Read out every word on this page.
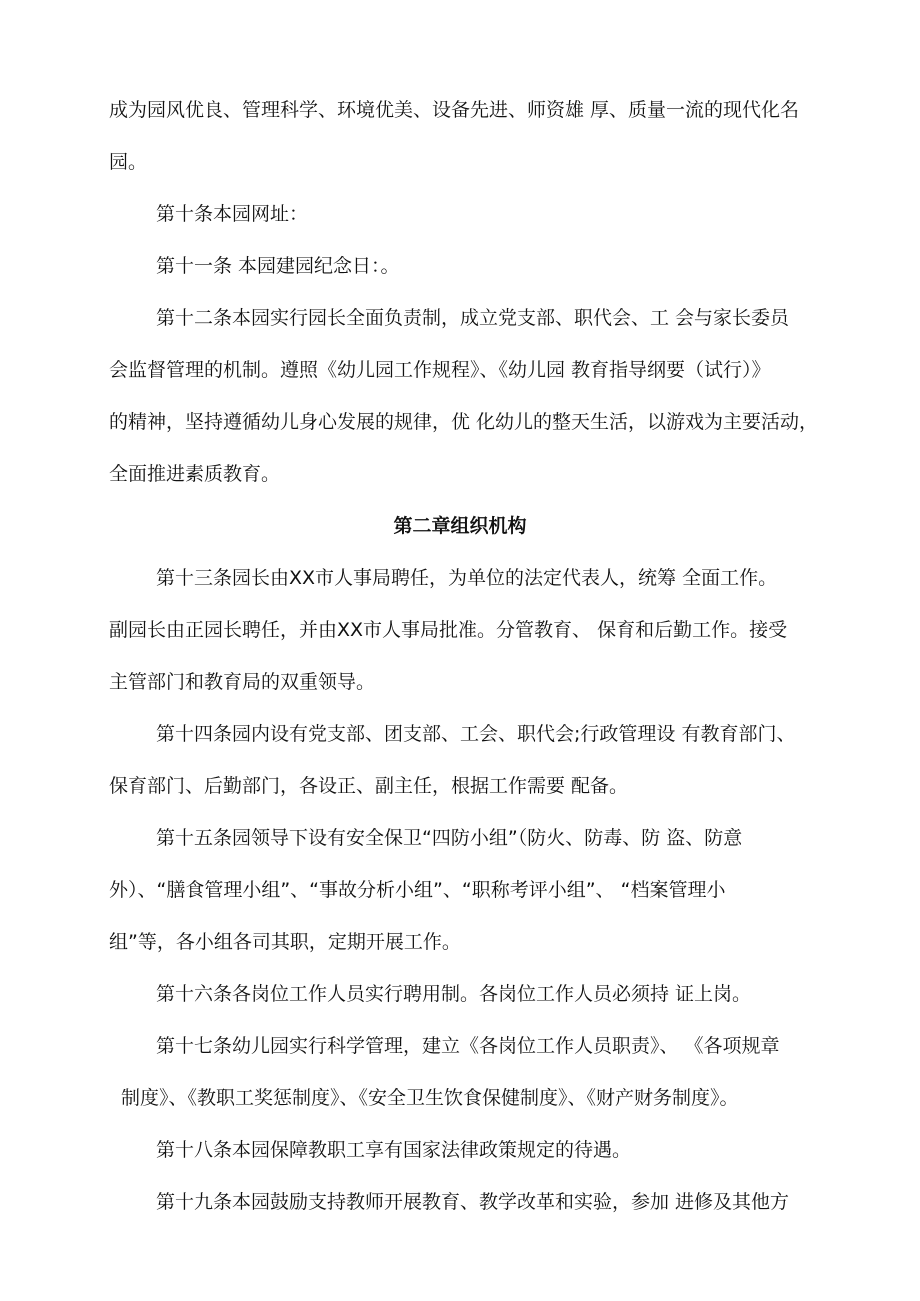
成为园风优良、管理科学、环境优美、设备先进、师资雄 厚、质量一流的现代化名
园。
第十条本园网址：
第十一条 本园建园纪念日：。
第十二条本园实行园长全面负责制，成立党支部、职代会、工 会与家长委员
会监督管理的机制。遵照《幼儿园工作规程》、《幼儿园 教育指导纲要（试行）》
的精神，坚持遵循幼儿身心发展的规律，优 化幼儿的整天生活，以游戏为主要活动，
全面推进素质教育。
第二章组织机构
第十三条园长由XX市人事局聘任，为单位的法定代表人，统筹 全面工作。
副园长由正园长聘任，并由XX市人事局批准。分管教育、 保育和后勤工作。接受
主管部门和教育局的双重领导。
第十四条园内设有党支部、团支部、工会、职代会;行政管理设 有教育部门、
保育部门、后勤部门，各设正、副主任，根据工作需要 配备。
第十五条园领导下设有安全保卫“四防小组”（防火、防毒、防 盗、防意
外）、“膳食管理小组”、“事故分析小组”、“职称考评小组”、 “档案管理小
组”等，各小组各司其职，定期开展工作。
第十六条各岗位工作人员实行聘用制。各岗位工作人员必须持 证上岗。
第十七条幼儿园实行科学管理，建立《各岗位工作人员职责》、 《各项规章
制度》、《教职工奖惩制度》、《安全卫生饮食保健制度》、《财产财务制度》。
第十八条本园保障教职工享有国家法律政策规定的待遇。
第十九条本园鼓励支持教师开展教育、教学改革和实验，参加 进修及其他方
